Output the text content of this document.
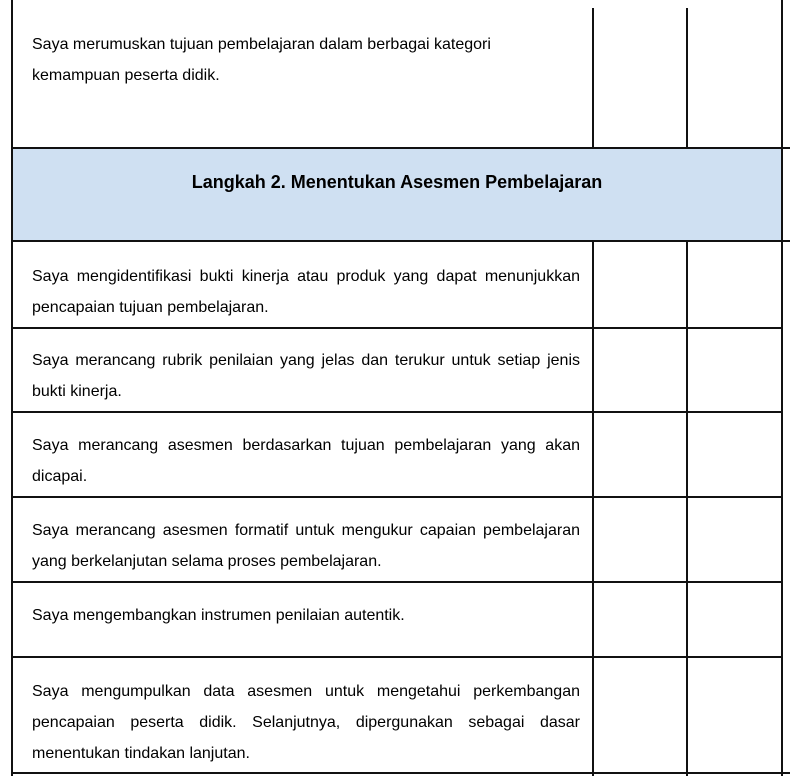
Langkah 2. Menentukan Asesmen Pembelajaran
Saya merumuskan tujuan pembelajaran dalam berbagai kategori kemampuan peserta didik.
Saya mengidentifikasi bukti kinerja atau produk yang dapat menunjukkan pencapaian tujuan pembelajaran.
Saya merancang rubrik penilaian yang jelas dan terukur untuk setiap jenis bukti kinerja.
Saya merancang asesmen berdasarkan tujuan pembelajaran yang akan dicapai.
Saya merancang asesmen formatif untuk mengukur capaian pembelajaran yang berkelanjutan selama proses pembelajaran.
Saya mengembangkan instrumen penilaian autentik.
Saya mengumpulkan data asesmen untuk mengetahui perkembangan pencapaian peserta didik. Selanjutnya, dipergunakan sebagai dasar menentukan tindakan lanjutan.
